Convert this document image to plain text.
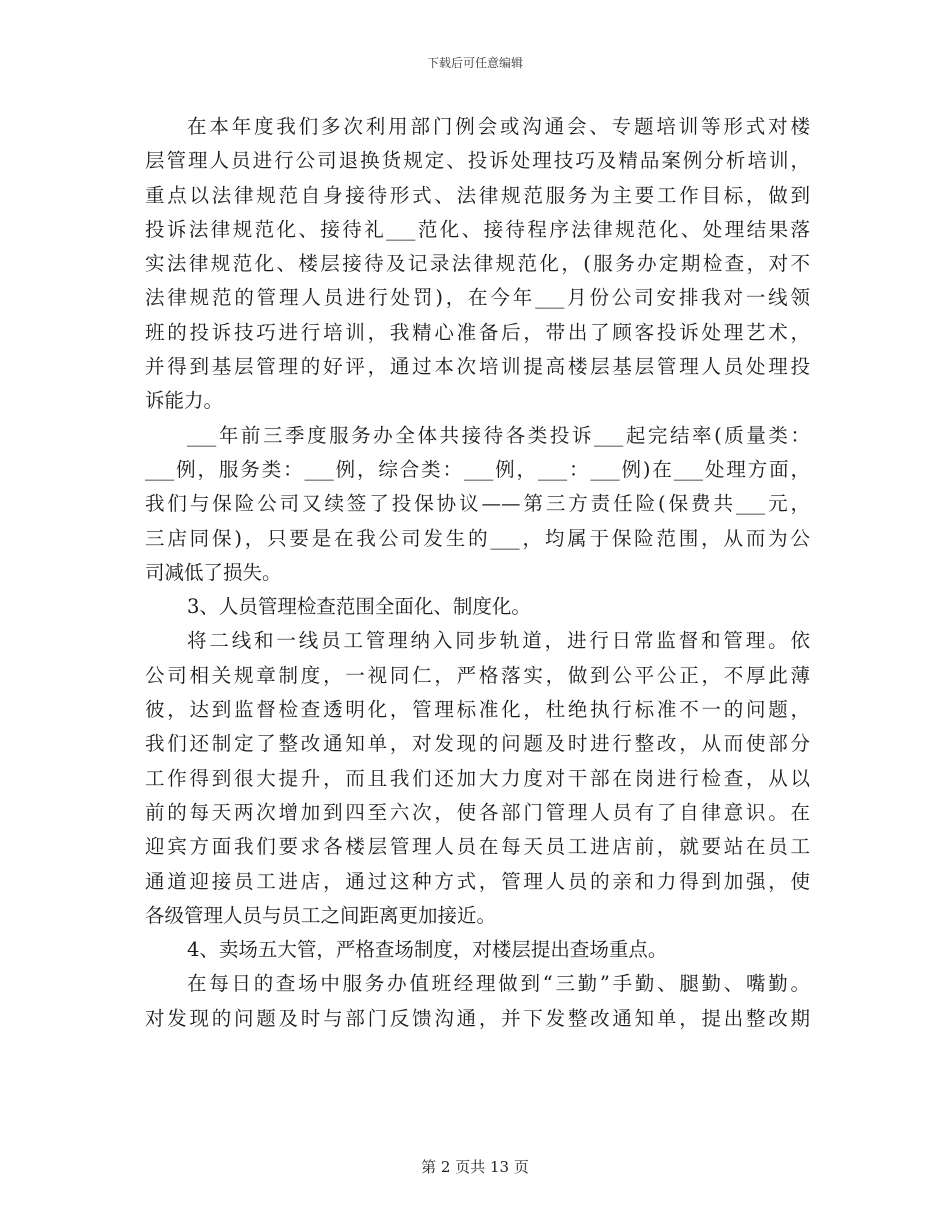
下载后可任意编辑
在本年度我们多次利用部门例会或沟通会、专题培训等形式对楼
层管理人员进行公司退换货规定、投诉处理技巧及精品案例分析培训，
重点以法律规范自身接待形式、法律规范服务为主要工作目标，做到
投诉法律规范化、接待礼___范化、接待程序法律规范化、处理结果落
实法律规范化、楼层接待及记录法律规范化，(服务办定期检查，对不
法律规范的管理人员进行处罚)，在今年___月份公司安排我对一线领
班的投诉技巧进行培训，我精心准备后，带出了顾客投诉处理艺术，
并得到基层管理的好评，通过本次培训提高楼层基层管理人员处理投
诉能力。
___年前三季度服务办全体共接待各类投诉___起完结率(质量类：
___例，服务类：___例，综合类：___例，___：___例)在___处理方面，
我们与保险公司又续签了投保协议——第三方责任险(保费共___元，
三店同保)，只要是在我公司发生的___，均属于保险范围，从而为公
司减低了损失。
3、人员管理检查范围全面化、制度化。
将二线和一线员工管理纳入同步轨道，进行日常监督和管理。依
公司相关规章制度，一视同仁，严格落实，做到公平公正，不厚此薄
彼，达到监督检查透明化，管理标准化，杜绝执行标准不一的问题，
我们还制定了整改通知单，对发现的问题及时进行整改，从而使部分
工作得到很大提升，而且我们还加大力度对干部在岗进行检查，从以
前的每天两次增加到四至六次，使各部门管理人员有了自律意识。在
迎宾方面我们要求各楼层管理人员在每天员工进店前，就要站在员工
通道迎接员工进店，通过这种方式，管理人员的亲和力得到加强，使
各级管理人员与员工之间距离更加接近。
4、卖场五大管，严格查场制度，对楼层提出查场重点。
在每日的查场中服务办值班经理做到“三勤”手勤、腿勤、嘴勤。
对发现的问题及时与部门反馈沟通，并下发整改通知单，提出整改期
第 2 页共 13 页
